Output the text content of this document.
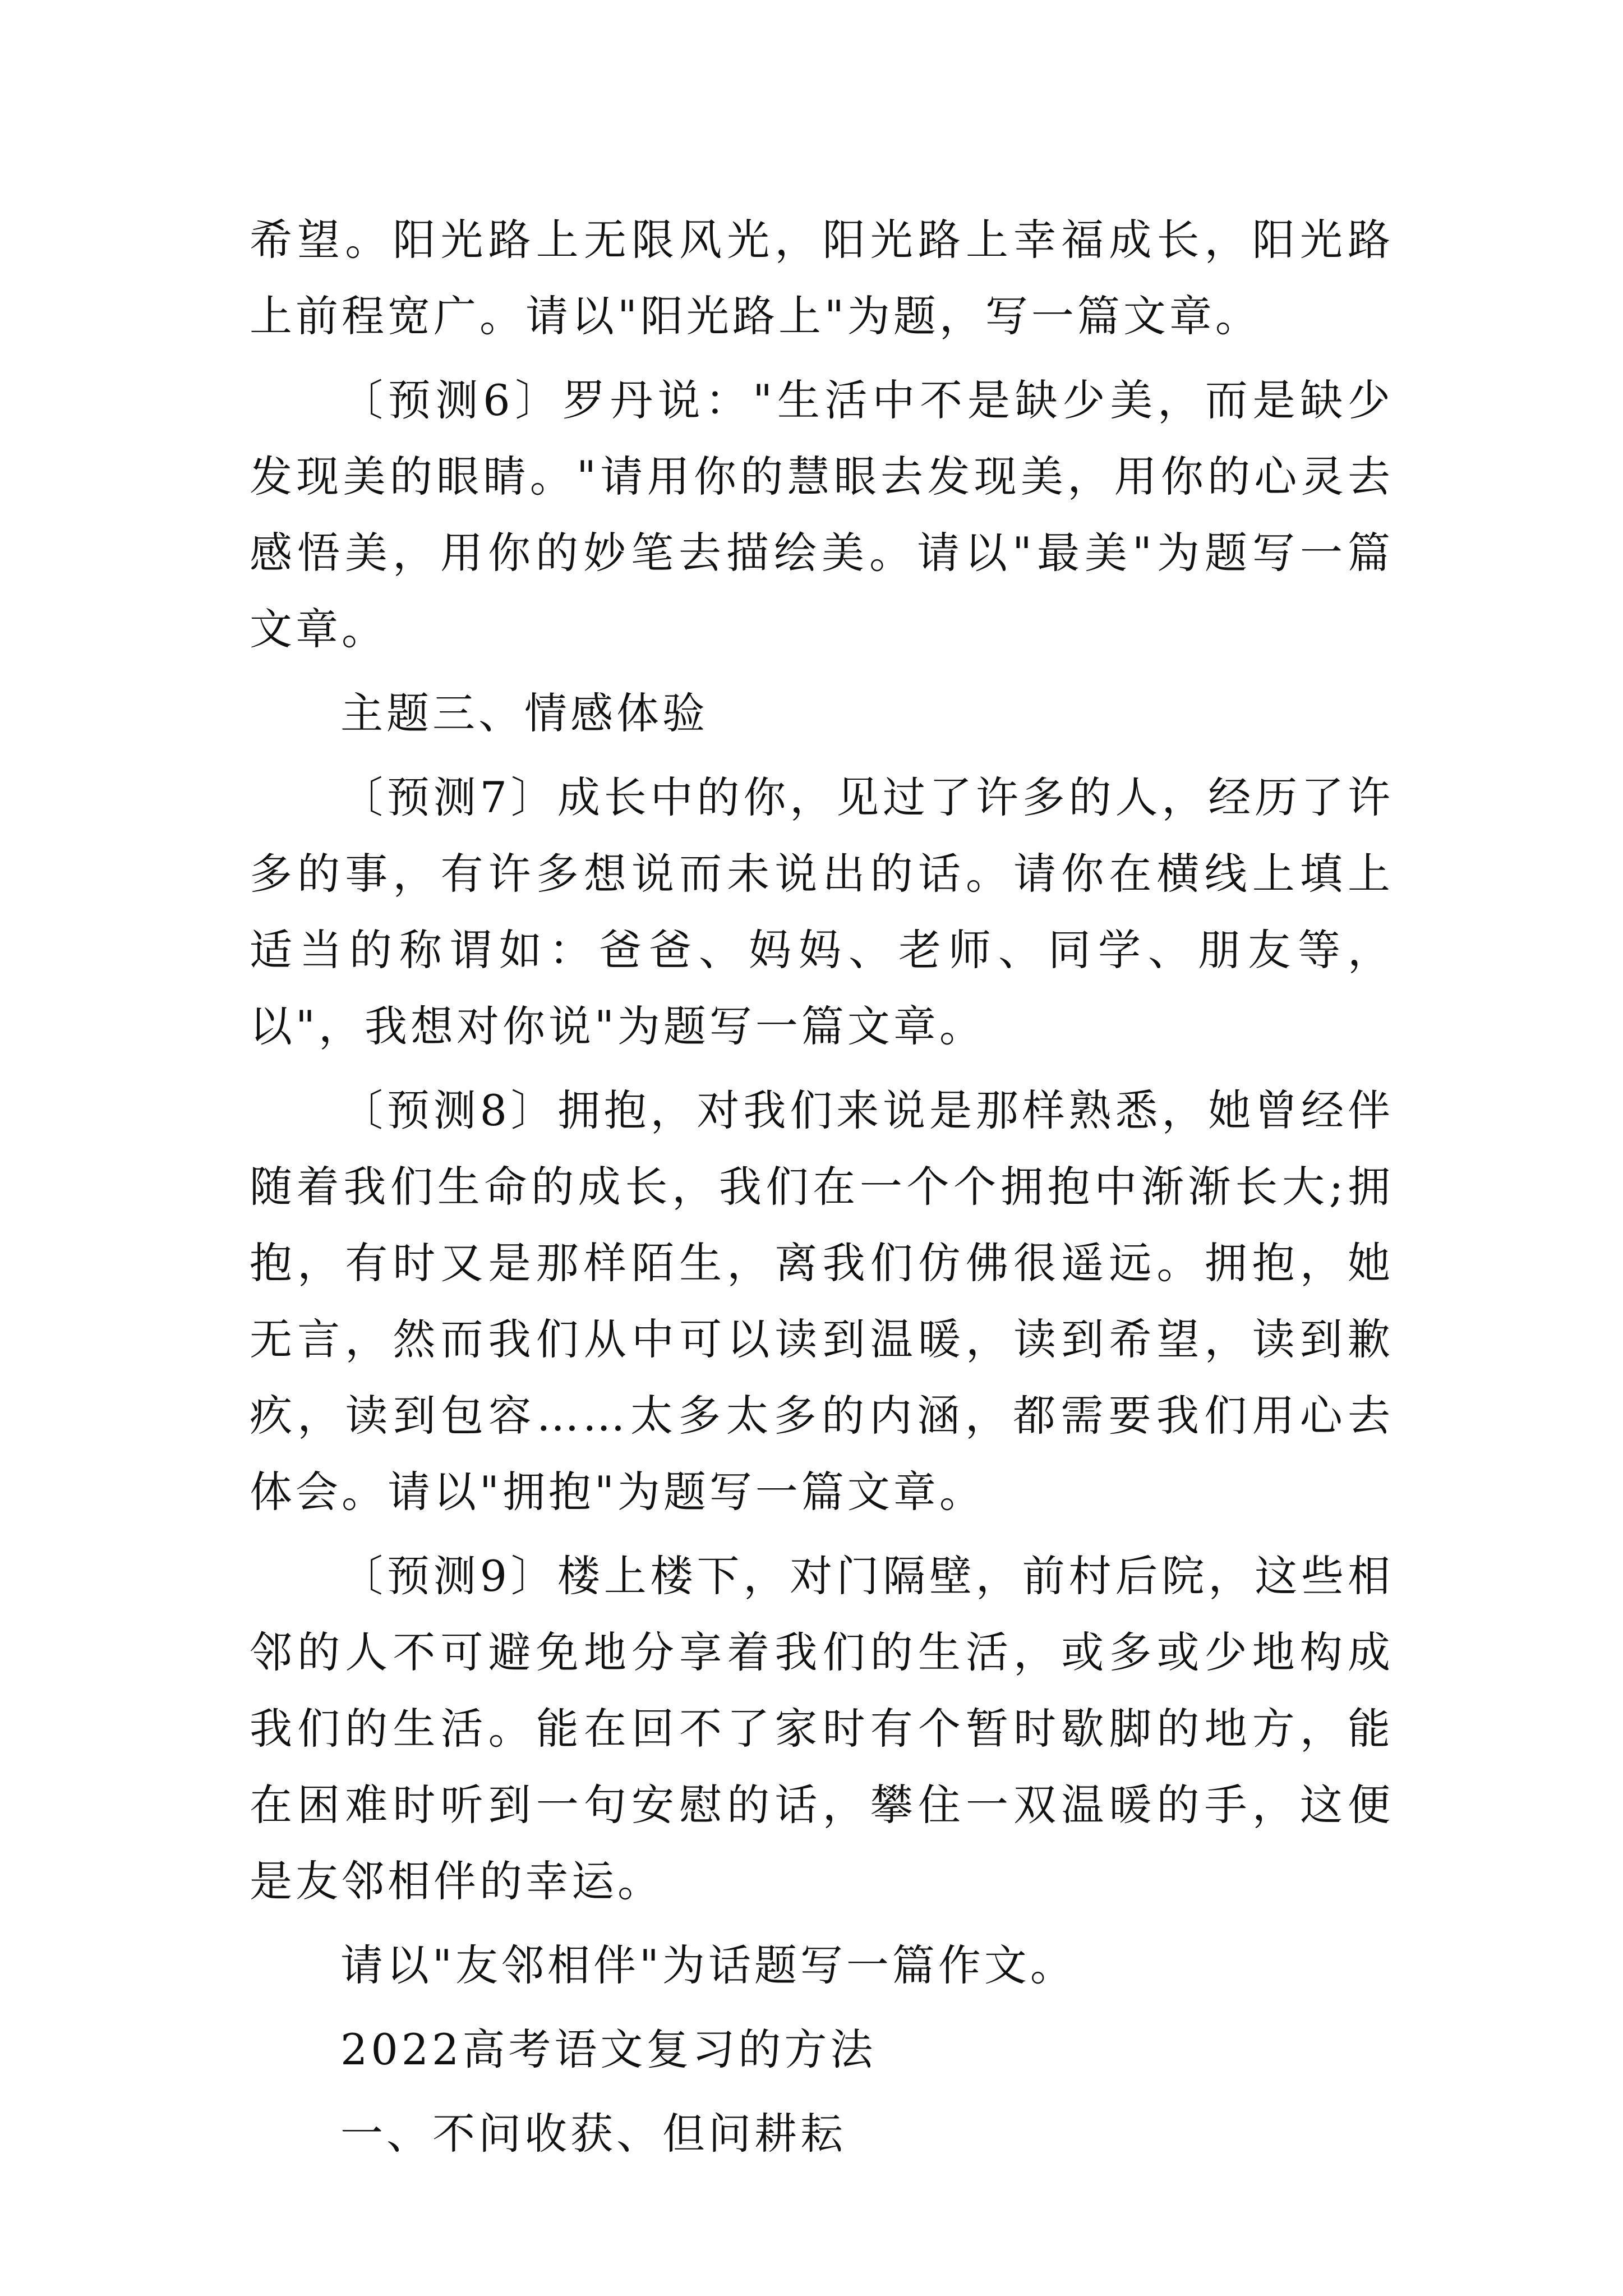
希望。阳光路上无限风光，阳光路上幸福成长，阳光路上前程宽广。请以"阳光路上"为题，写一篇文章。

〔预测6〕罗丹说："生活中不是缺少美，而是缺少发现美的眼睛。"请用你的慧眼去发现美，用你的心灵去感悟美，用你的妙笔去描绘美。请以"最美"为题写一篇文章。

主题三、情感体验

〔预测7〕成长中的你，见过了许多的人，经历了许多的事，有许多想说而未说出的话。请你在横线上填上适当的称谓如：爸爸、妈妈、老师、同学、朋友等，以"，我想对你说"为题写一篇文章。

〔预测8〕拥抱，对我们来说是那样熟悉，她曾经伴随着我们生命的成长，我们在一个个拥抱中渐渐长大;拥抱，有时又是那样陌生，离我们仿佛很遥远。拥抱，她无言，然而我们从中可以读到温暖，读到希望，读到歉疚，读到包容……太多太多的内涵，都需要我们用心去体会。请以"拥抱"为题写一篇文章。

〔预测9〕楼上楼下，对门隔壁，前村后院，这些相邻的人不可避免地分享着我们的生活，或多或少地构成我们的生活。能在回不了家时有个暂时歇脚的地方，能在困难时听到一句安慰的话，攀住一双温暖的手，这便是友邻相伴的幸运。

请以"友邻相伴"为话题写一篇作文。

2022高考语文复习的方法

一、不问收获、但问耕耘
